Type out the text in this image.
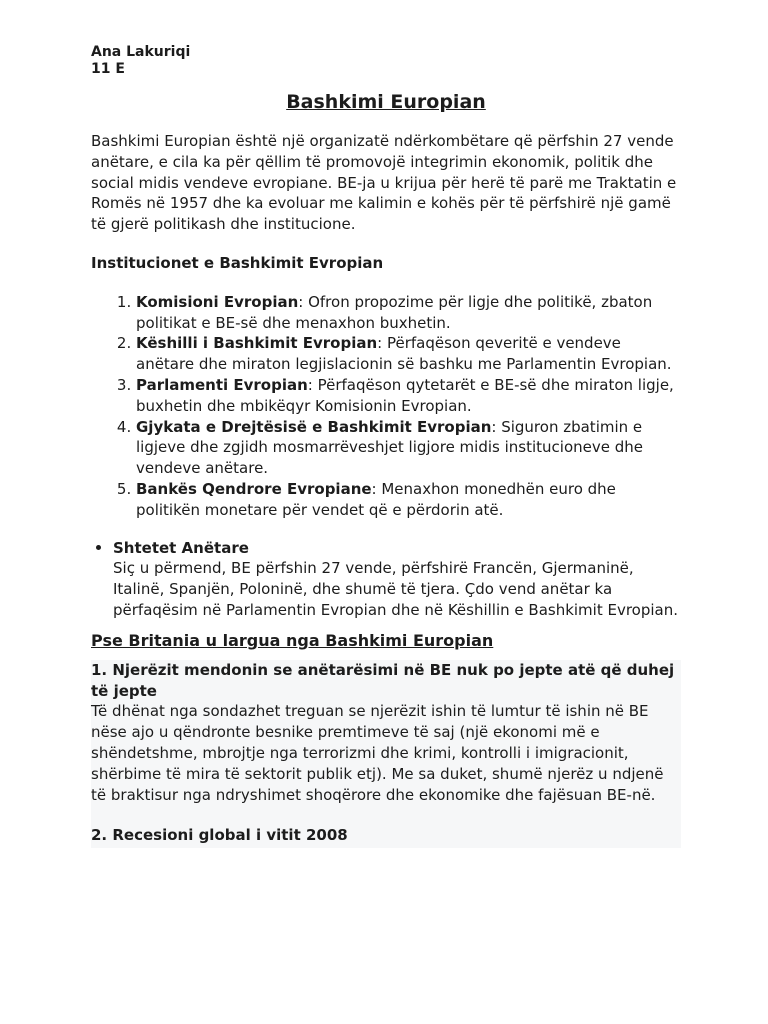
Ana Lakuriqi
11 E
Bashkimi Europian

Bashkimi Europian është një organizatë ndërkombëtare që përfshin 27 vende anëtare, e cila ka për qëllim të promovojë integrimin ekonomik, politik dhe social midis vendeve evropiane. BE-ja u krijua për herë të parë me Traktatin e Romës në 1957 dhe ka evoluar me kalimin e kohës për të përfshirë një gamë të gjerë politikash dhe institucione.

Institucionet e Bashkimit Evropian
1. Komisioni Evropian: Ofron propozime për ligje dhe politikë, zbaton politikat e BE-së dhe menaxhon buxhetin.
2. Këshilli i Bashkimit Evropian: Përfaqëson qeveritë e vendeve anëtare dhe miraton legjislacionin së bashku me Parlamentin Evropian.
3. Parlamenti Evropian: Përfaqëson qytetarët e BE-së dhe miraton ligje, buxhetin dhe mbikëqyr Komisionin Evropian.
4. Gjykata e Drejtësisë e Bashkimit Evropian: Siguron zbatimin e ligjeve dhe zgjidh mosmarrëveshjet ligjore midis institucioneve dhe vendeve anëtare.
5. Bankës Qendrore Evropiane: Menaxhon monedhën euro dhe politikën monetare për vendet që e përdorin atë.
• Shtetet Anëtare
Siç u përmend, BE përfshin 27 vende, përfshirë Francën, Gjermaninë, Italinë, Spanjën, Poloninë, dhe shumë të tjera. Çdo vend anëtar ka përfaqësim në Parlamentin Evropian dhe në Këshillin e Bashkimit Evropian.
Pse Britania u largua nga Bashkimi Europian
1. Njerëzit mendonin se anëtarësimi në BE nuk po jepte atë që duhej të jepte

Të dhënat nga sondazhet treguan se njerëzit ishin të lumtur të ishin në BE nëse ajo u qëndronte besnike premtimeve të saj (një ekonomi më e shëndetshme, mbrojtje nga terrorizmi dhe krimi, kontrolli i imigracionit, shërbime të mira të sektorit publik etj). Me sa duket, shumë njerëz u ndjenë të braktisur nga ndryshimet shoqërore dhe ekonomike dhe fajësuan BE-në.

2. Recesioni global i vitit 2008
